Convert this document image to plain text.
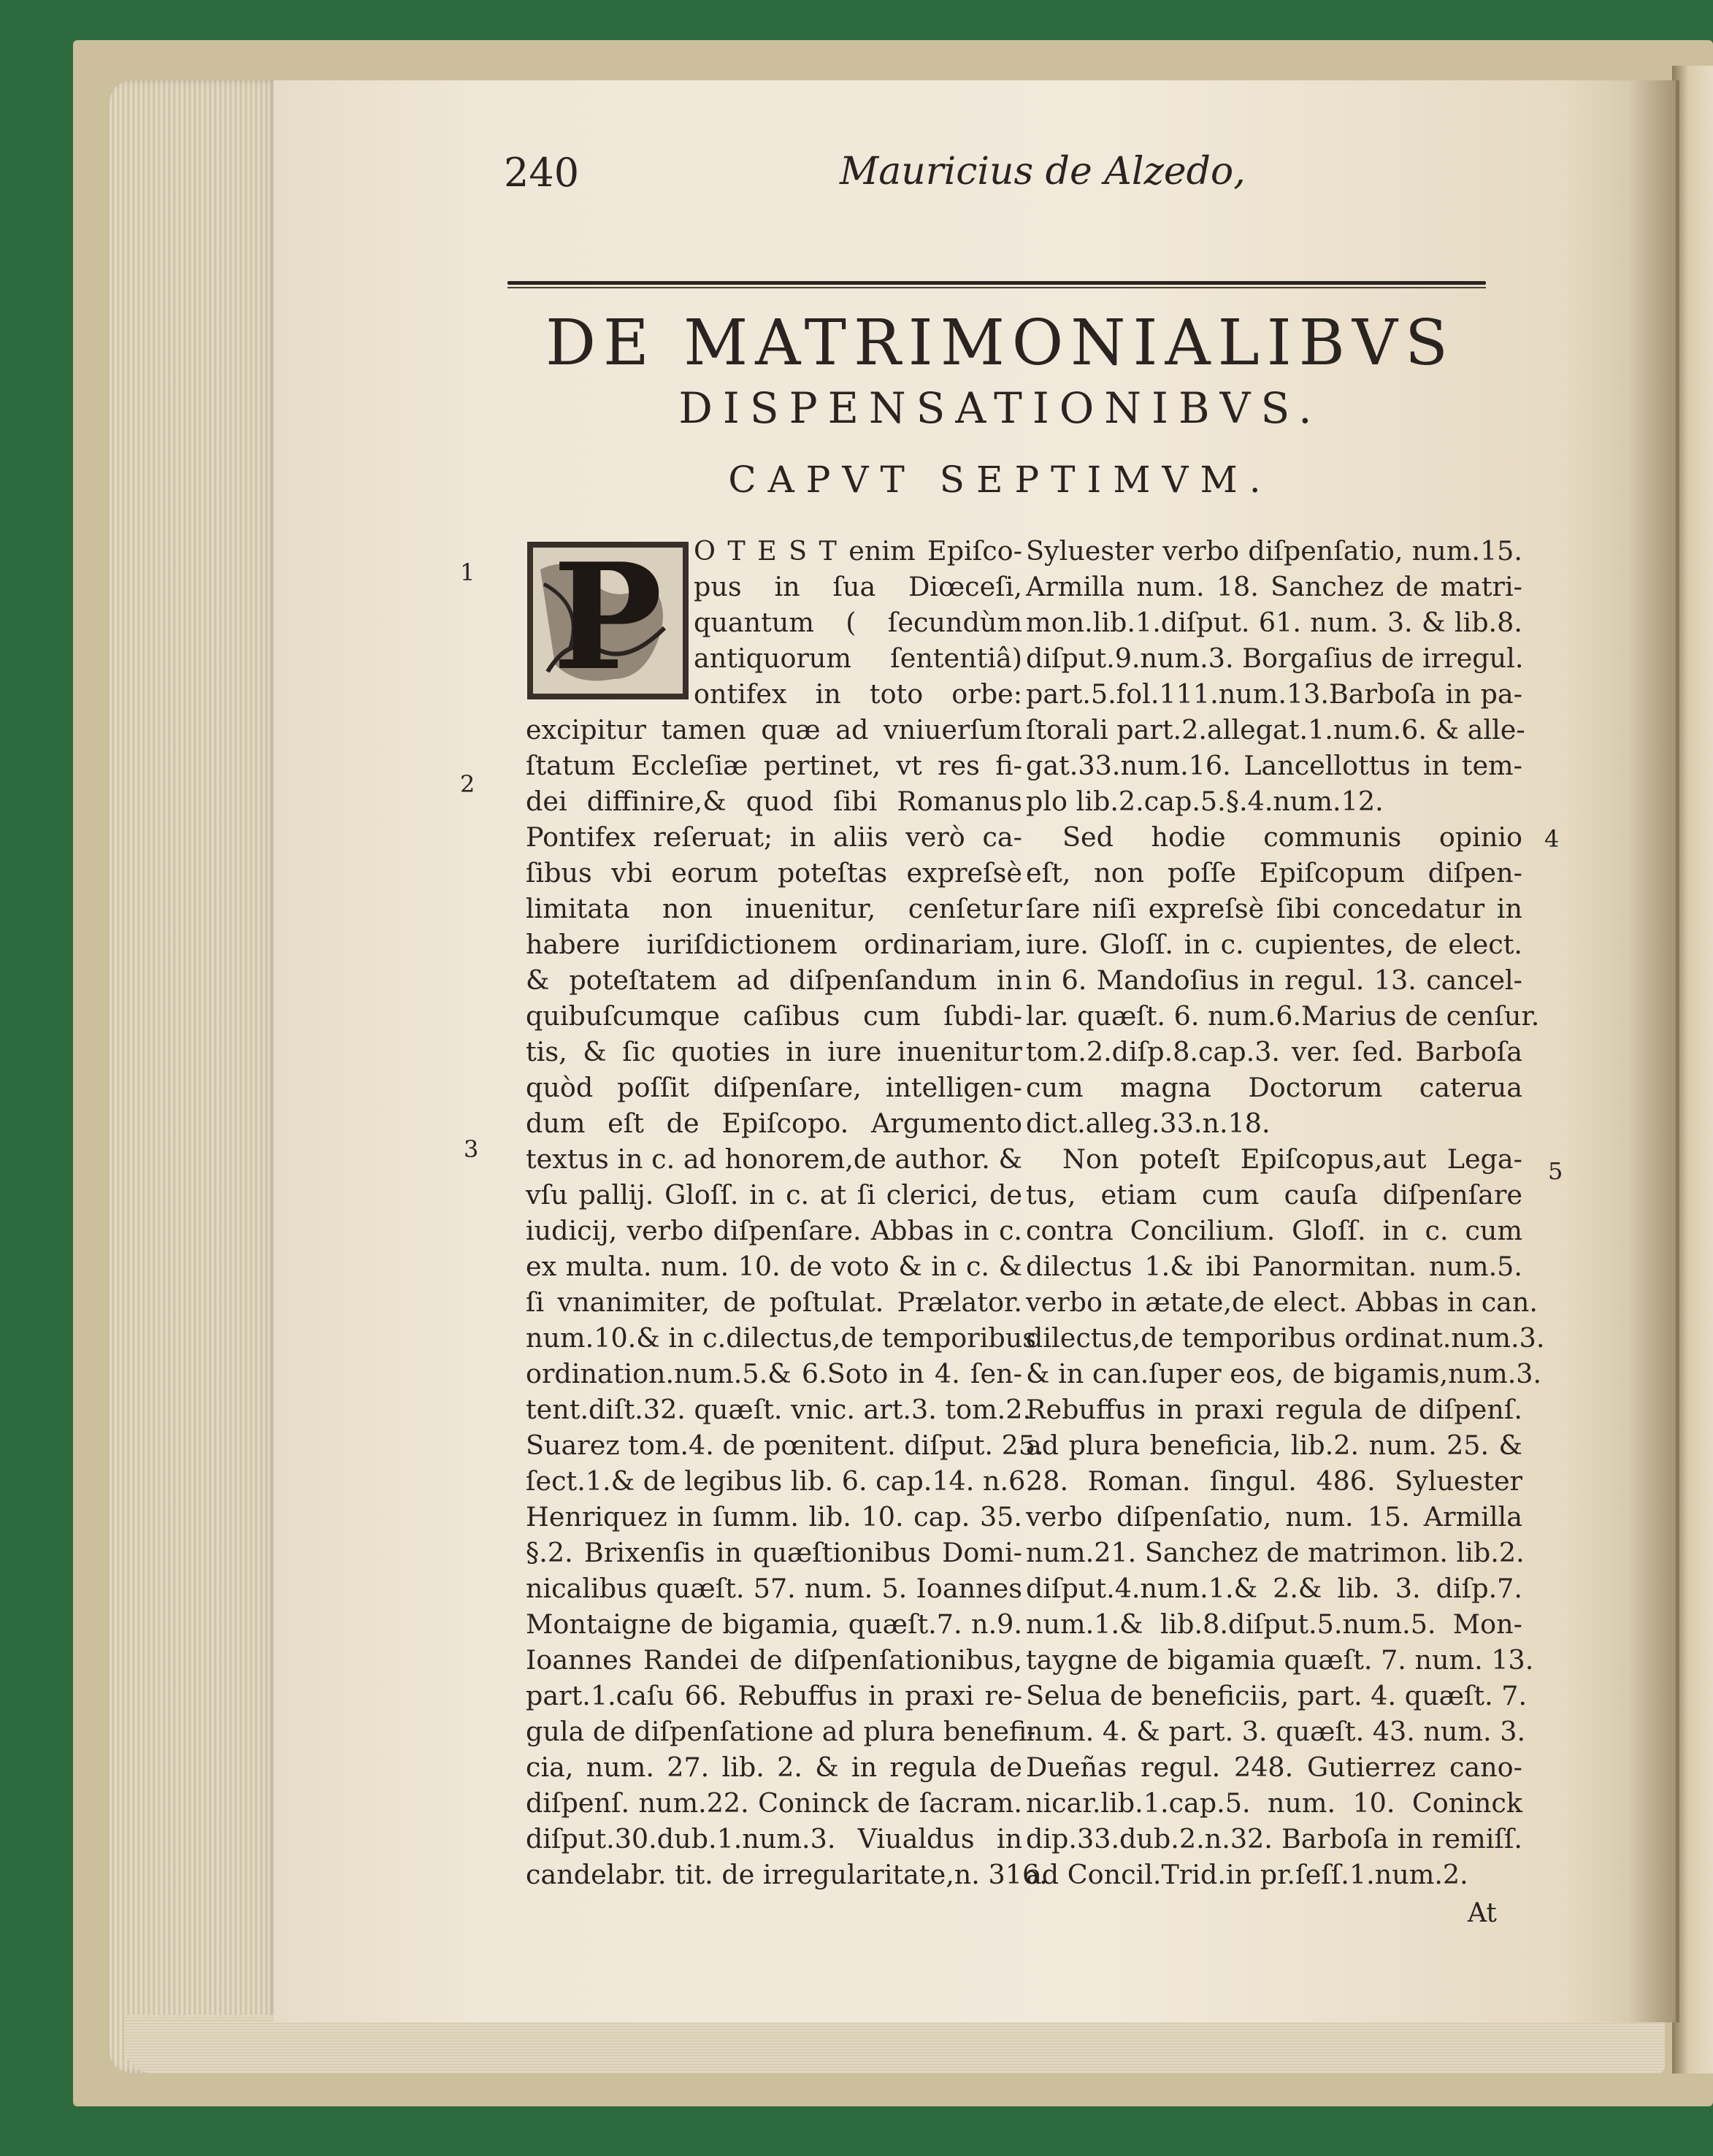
240	Mauricius de Alzedo,
DE MATRIMONIALIBVS
DISPENSATIONIBVS.
CAPVT SEPTIMVM.
P O T E S T enim Epiſco-
pus in ſua Diœceſi,
quantum ( ſecundùm
antiquorum ſententiâ)
ontifex in toto orbe:
excipitur tamen quæ ad vniuerſum
ſtatum Eccleſiæ pertinet, vt res fi-
dei diffinire,& quod ſibi Romanus
Pontifex reſeruat; in aliis verò ca-
ſibus vbi eorum poteſtas expreſsè
limitata non inuenitur, cenſetur
habere iuriſdictionem ordinariam,
& poteſtatem ad diſpenſandum in
quibuſcumque caſibus cum ſubdi-
tis, & ſic quoties in iure inuenitur
quòd poſſit diſpenſare, intelligen-
dum eſt de Epiſcopo. Argumento
textus in c. ad honorem,de author. &
vſu pallij. Gloſſ. in c. at ſi clerici, de
iudicij, verbo diſpenſare. Abbas in c.
ex multa. num. 10. de voto & in c. &
ſi vnanimiter, de poſtulat. Prælator.
num.10.& in c.dilectus,de temporibus
ordination.num.5.& 6.Soto in 4. ſen-
tent.diſt.32. quæſt. vnic. art.3. tom.2.
Suarez tom.4. de pœnitent. diſput. 25.
ſect.1.& de legibus lib. 6. cap.14. n.6.
Henriquez in ſumm. lib. 10. cap. 35.
§.2. Brixenſis in quæſtionibus Domi-
nicalibus quæſt. 57. num. 5. Ioannes
Montaigne de bigamia, quæſt.7. n.9.
Ioannes Randei de diſpenſationibus,
part.1.caſu 66. Rebuffus in praxi re-
gula de diſpenſatione ad plura benefi-
cia, num. 27. lib. 2. & in regula de
diſpenſ. num.22. Coninck de ſacram.
diſput.30.dub.1.num.3. Viualdus in
candelabr. tit. de irregularitate,n. 316.
Syluester verbo diſpenſatio, num.15.
Armilla num. 18. Sanchez de matri-
mon.lib.1.diſput. 61. num. 3. & lib.8.
diſput.9.num.3. Borgaſius de irregul.
part.5.fol.111.num.13.Barboſa in pa-
ſtorali part.2.allegat.1.num.6. & alle-
gat.33.num.16. Lancellottus in tem-
plo lib.2.cap.5.§.4.num.12.
Sed hodie communis opinio
eſt, non poſſe Epiſcopum diſpen-
ſare niſi expreſsè ſibi concedatur in
iure. Gloſſ. in c. cupientes, de elect.
in 6. Mandoſius in regul. 13. cancel-
lar. quæſt. 6. num.6.Marius de cenſur.
tom.2.diſp.8.cap.3. ver. ſed. Barboſa
cum magna Doctorum caterua
dict.alleg.33.n.18.
Non poteſt Epiſcopus,aut Lega-
tus, etiam cum cauſa diſpenſare
contra Concilium. Gloſſ. in c. cum
dilectus 1.& ibi Panormitan. num.5.
verbo in ætate,de elect. Abbas in can.
dilectus,de temporibus ordinat.num.3.
& in can.ſuper eos, de bigamis,num.3.
Rebuffus in praxi regula de diſpenſ.
ad plura beneficia, lib.2. num. 25. &
28. Roman. ſingul. 486. Syluester
verbo diſpenſatio, num. 15. Armilla
num.21. Sanchez de matrimon. lib.2.
diſput.4.num.1.& 2.& lib. 3. diſp.7.
num.1.& lib.8.diſput.5.num.5. Mon-
taygne de bigamia quæſt. 7. num. 13.
Selua de beneficiis, part. 4. quæſt. 7.
num. 4. & part. 3. quæſt. 43. num. 3.
Dueñas regul. 248. Gutierrez cano-
nicar.lib.1.cap.5. num. 10. Coninck
dip.33.dub.2.n.32. Barboſa in remiſſ.
ad Concil.Trid.in pr.ſeſſ.1.num.2.
1
2
3
4
5
At
